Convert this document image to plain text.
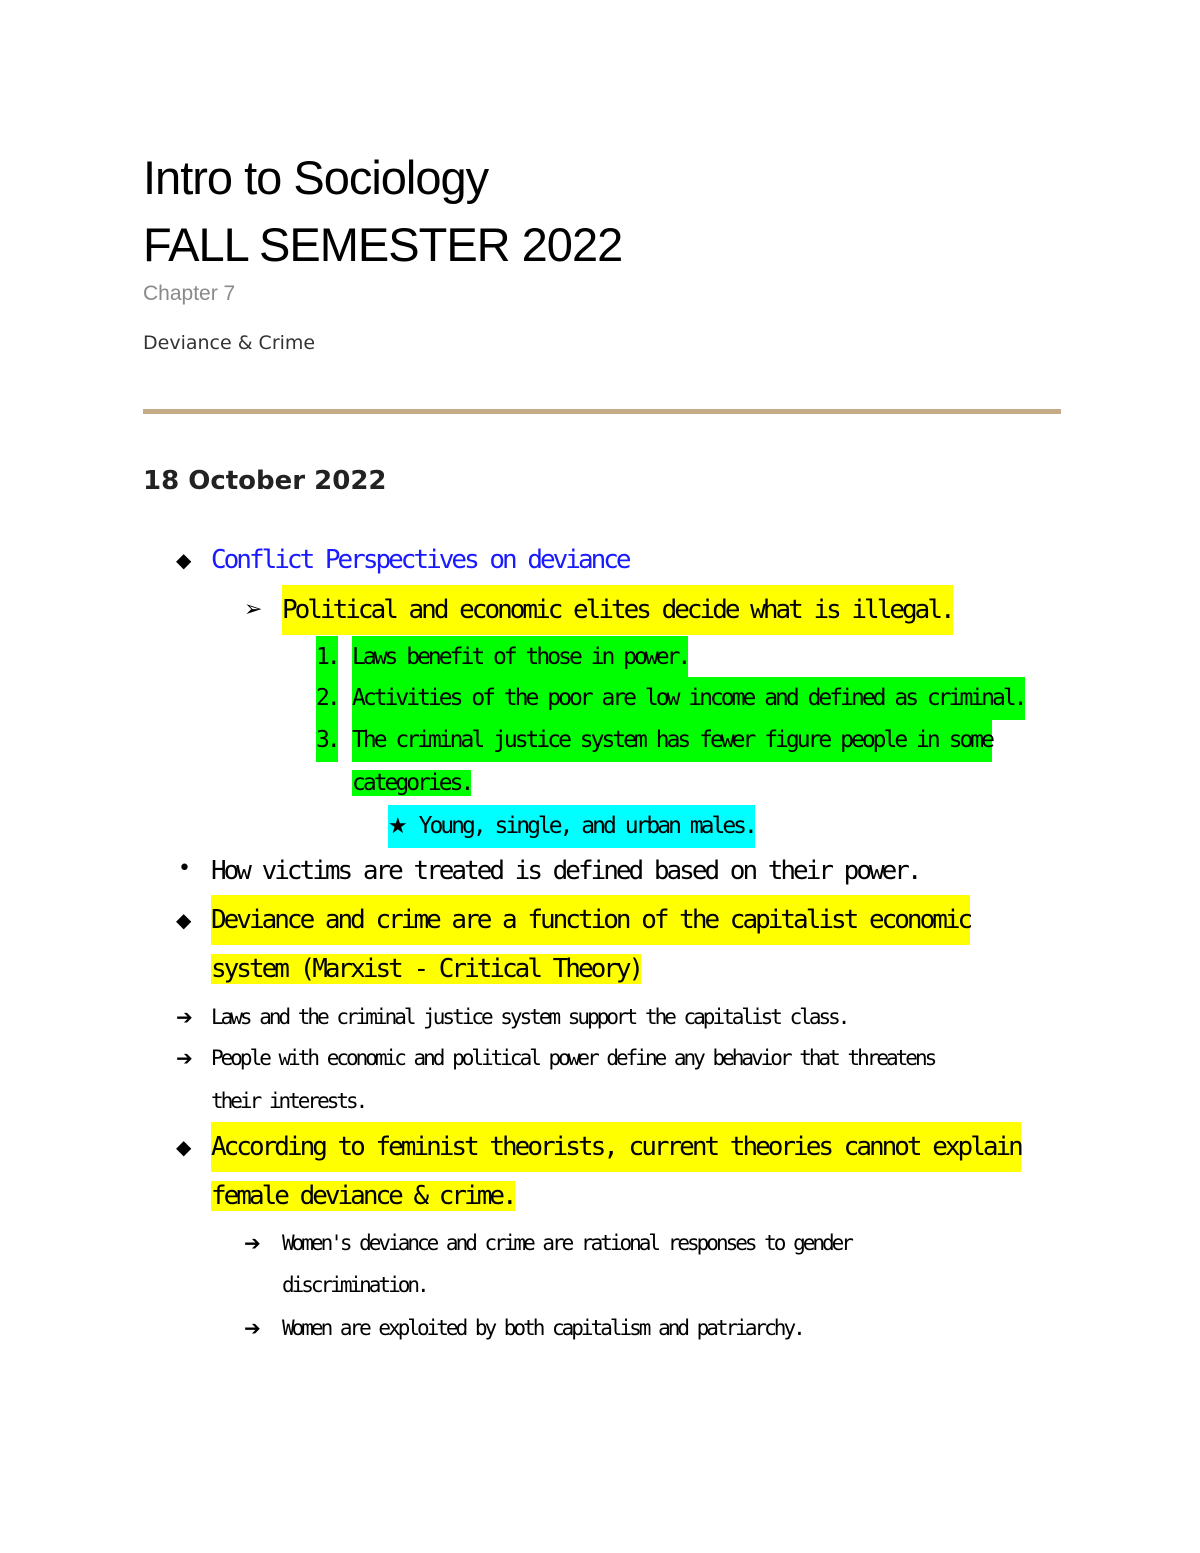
Intro to Sociology
FALL SEMESTER 2022
Chapter 7
Deviance & Crime
18 October 2022
◆ Conflict Perspectives on deviance
➢ Political and economic elites decide what is illegal.
1. Laws benefit of those in power.
2. Activities of the poor are low income and defined as criminal.
3. The criminal justice system has fewer figure people in some
categories.
★ Young, single, and urban males.
• How victims are treated is defined based on their power.
◆ Deviance and crime are a function of the capitalist economic
system (Marxist - Critical Theory)
➔ Laws and the criminal justice system support the capitalist class.
➔ People with economic and political power define any behavior that threatens
their interests.
◆ According to feminist theorists, current theories cannot explain
female deviance & crime.
➔ Women's deviance and crime are rational responses to gender
discrimination.
➔ Women are exploited by both capitalism and patriarchy.
